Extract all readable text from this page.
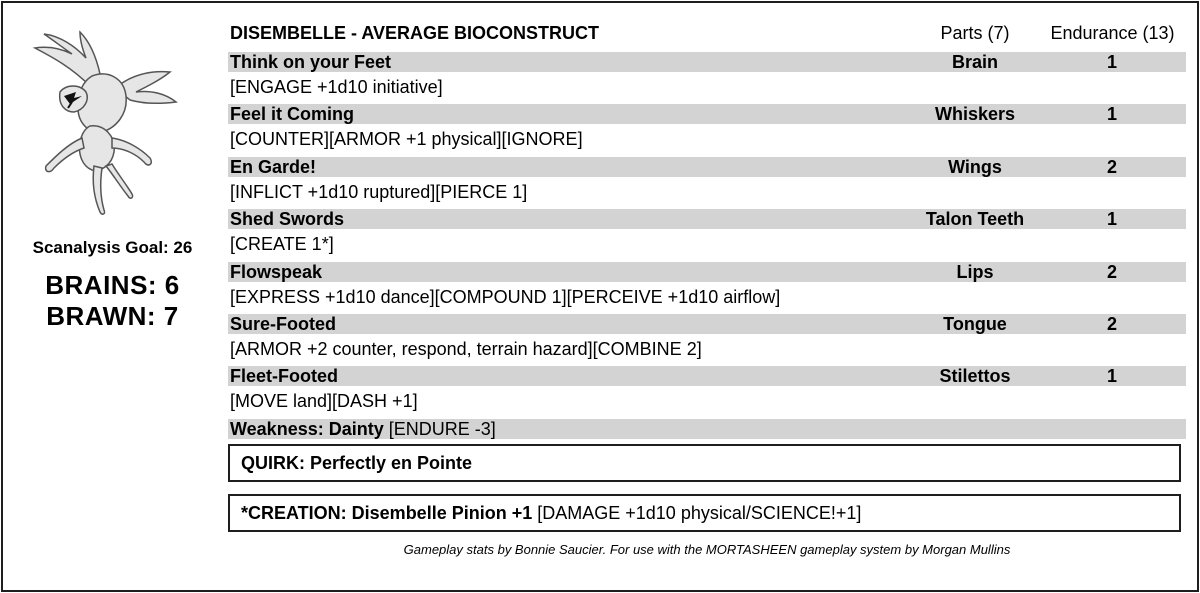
Scanalysis Goal: 26
BRAINS: 6
BRAWN: 7
DISEMBELLE - AVERAGE BIOCONSTRUCT	Parts (7)	Endurance (13)
Think on your Feet	Brain	1
[ENGAGE +1d10 initiative]
Feel it Coming	Whiskers	1
[COUNTER][ARMOR +1 physical][IGNORE]
En Garde!	Wings	2
[INFLICT +1d10 ruptured][PIERCE 1]
Shed Swords	Talon Teeth	1
[CREATE 1*]
Flowspeak	Lips	2
[EXPRESS +1d10 dance][COMPOUND 1][PERCEIVE +1d10 airflow]
Sure-Footed	Tongue	2
[ARMOR +2 counter, respond, terrain hazard][COMBINE 2]
Fleet-Footed	Stilettos	1
[MOVE land][DASH +1]
Weakness: Dainty [ENDURE -3]
QUIRK: Perfectly en Pointe
*CREATION: Disembelle Pinion +1 [DAMAGE +1d10 physical/SCIENCE!+1]
Gameplay stats by Bonnie Saucier. For use with the MORTASHEEN gameplay system by Morgan Mullins
